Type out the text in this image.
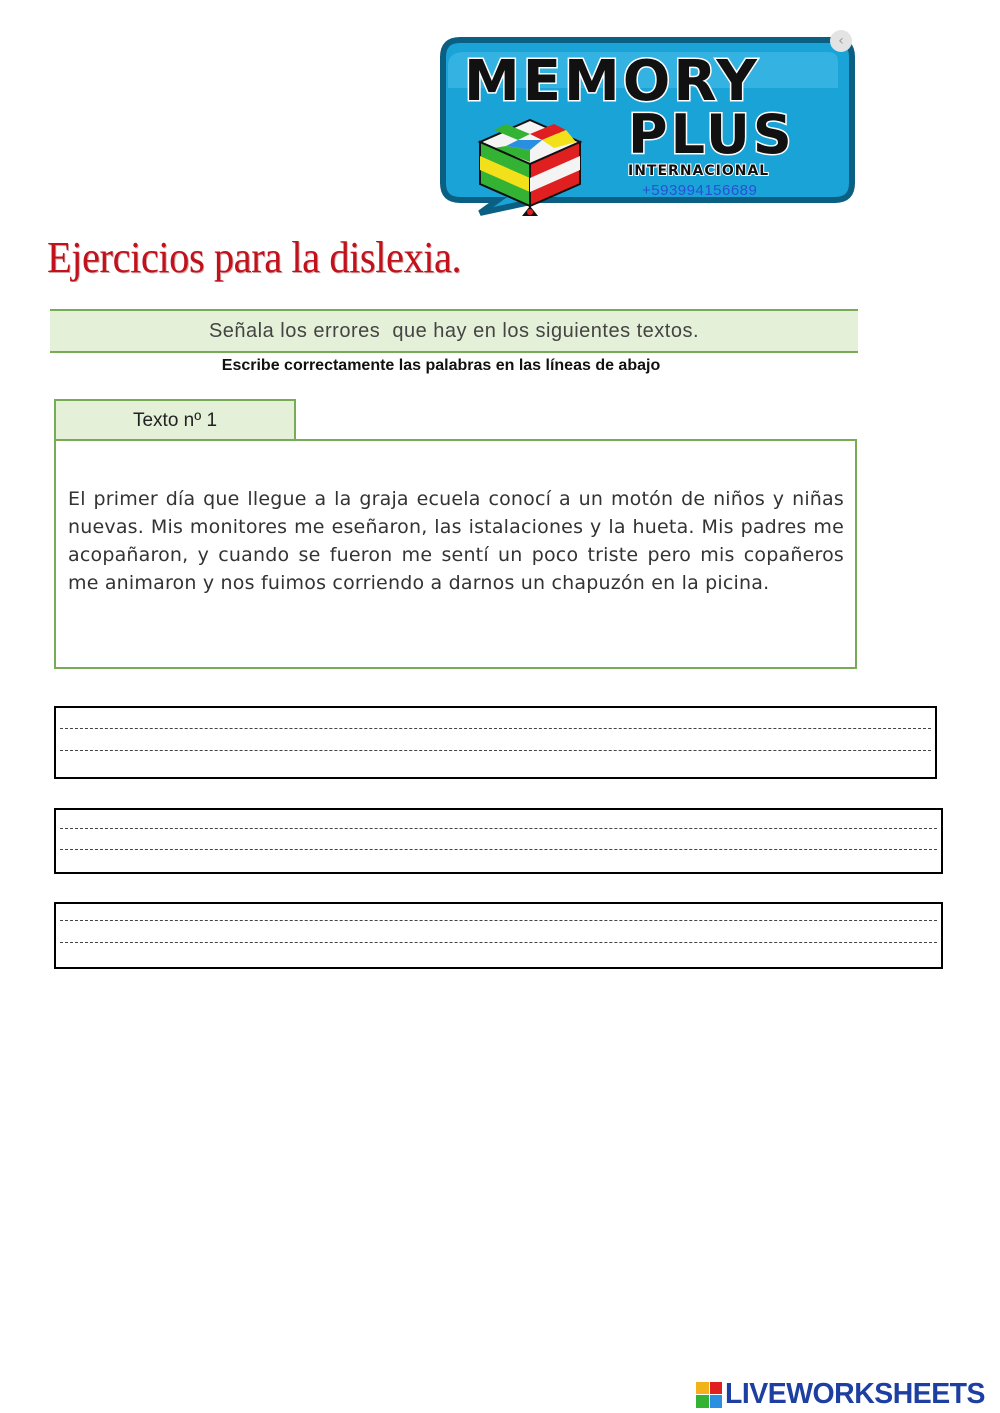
MEMORY
PLUS
INTERNACIONAL
+593994156689
‹
Ejercicios para la dislexia.
Señala los errores  que hay en los siguientes textos.
Escribe correctamente las palabras en las líneas de abajo
Texto nº 1

El primer día que llegue a la graja ecuela conocí a un motón de niños y niñas nuevas. Mis monitores me eseñaron, las istalaciones y la hueta. Mis padres me acopañaron, y cuando se fueron me sentí un poco triste pero mis copañeros me animaron y nos fuimos corriendo a darnos un chapuzón en la picina.

LIVEWORKSHEETS
